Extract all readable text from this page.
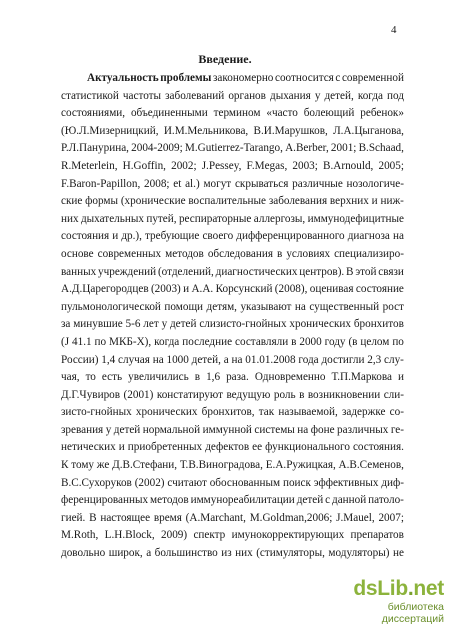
4
Введение.
Актуальность проблемы закономерно соотносится с современной
статистикой частоты заболеваний органов дыхания у детей, когда под
состояниями, объединенными термином «часто болеющий ребенок»
(Ю.Л.Мизерницкий, И.М.Мельникова, В.И.Марушков, Л.А.Цыганова,
Р.Л.Панурина, 2004-2009; M.Gutierrez-Tarango, A.Berber, 2001; B.Schaad,
R.Meterlein, H.Goffin, 2002; J.Pessey, F.Megas, 2003; B.Arnould, 2005;
F.Baron-Papillon, 2008; et al.) могут скрываться различные нозологиче-
ские формы (хронические воспалительные заболевания верхних и ниж-
них дыхательных путей, респираторные аллергозы, иммунодефицитные
состояния и др.), требующие своего дифференцированного диагноза на
основе современных методов обследования в условиях специализиро-
ванных учреждений (отделений, диагностических центров). В этой связи
А.Д.Царегородцев (2003) и А.А. Корсунский (2008), оценивая состояние
пульмонологической помощи детям, указывают на существенный рост
за минувшие 5-6 лет у детей слизисто-гнойных хронических бронхитов
(J 41.1 по МКБ-Х), когда последние составляли в 2000 году (в целом по
России) 1,4 случая на 1000 детей, а на 01.01.2008 года достигли 2,3 слу-
чая, то есть увеличились в 1,6 раза. Одновременно Т.П.Маркова и
Д.Г.Чувиров (2001) констатируют ведущую роль в возникновении сли-
зисто-гнойных хронических бронхитов, так называемой, задержке со-
зревания у детей нормальной иммунной системы на фоне различных ге-
нетических и приобретенных дефектов ее функционального состояния.
К тому же Д.В.Стефани, Т.В.Виноградова, Е.А.Ружицкая, А.В.Семенов,
В.С.Сухоруков (2002) считают обоснованным поиск эффективных диф-
ференцированных методов иммунореабилитации детей с данной патоло-
гией. В настоящее время (A.Marchant, M.Goldman,2006; J.Mauel, 2007;
M.Roth, L.H.Block, 2009) спектр имунокорректирующих препаратов
довольно широк, а большинство из них (стимуляторы, модуляторы) не
dsLib.net
библиотека диссертаций
